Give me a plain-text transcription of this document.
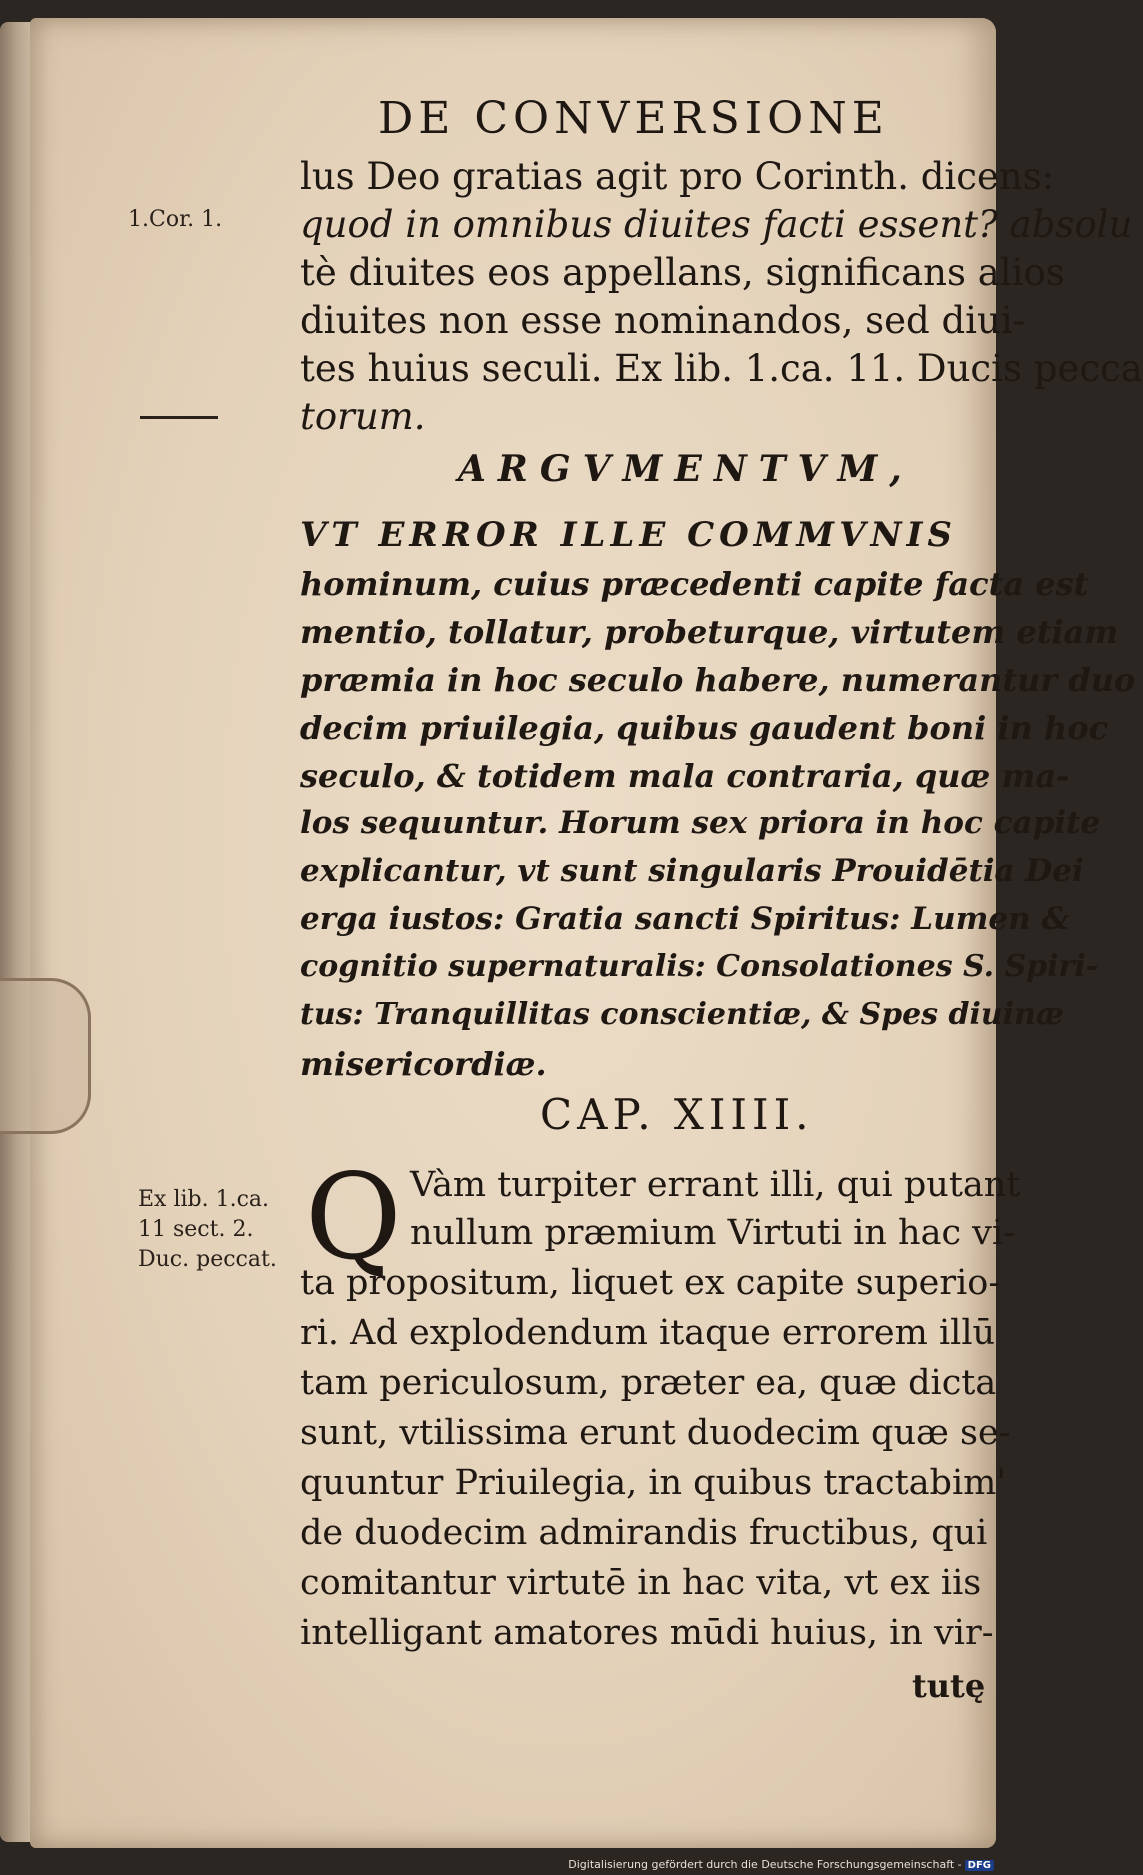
DE CONVERSIONE
1.Cor. 1.
Ex lib. 1.ca.
11 sect. 2.
Duc. peccat.
lus Deo gratias agit pro Corinth. dicens:
quod in omnibus diuites facti essent? absolu
tè diuites eos appellans, significans alios
diuites non esse nominandos, sed diui-
tes huius seculi. Ex lib. 1.ca. 11. Ducis pecca
torum.
ARGVMENTVM,
VT ERROR ILLE COMMVNIS
hominum, cuius præcedenti capite facta est
mentio, tollatur, probeturque, virtutem etiam
præmia in hoc seculo habere, numerantur duo
decim priuilegia, quibus gaudent boni in hoc
seculo, & totidem mala contraria, quæ ma-
los sequuntur. Horum sex priora in hoc capite
explicantur, vt sunt singularis Prouidētia Dei
erga iustos: Gratia sancti Spiritus: Lumen &
cognitio supernaturalis: Consolationes S. Spiri-
tus: Tranquillitas conscientiæ, & Spes diuinæ
misericordiæ.
CAP. XIIII.
Q Vàm turpiter errant illi, qui putant
nullum præmium Virtuti in hac vi-
ta propositum, liquet ex capite superio-
ri. Ad explodendum itaque errorem illū
tam periculosum, præter ea, quæ dicta
sunt, vtilissima erunt duodecim quæ se-
quuntur Priuilegia, in quibus tractabim'
de duodecim admirandis fructibus, qui
comitantur virtutē in hac vita, vt ex iis
intelligant amatores mūdi huius, in vir-
tutę
Digitalisierung gefördert durch die Deutsche Forschungsgemeinschaft - DFG
